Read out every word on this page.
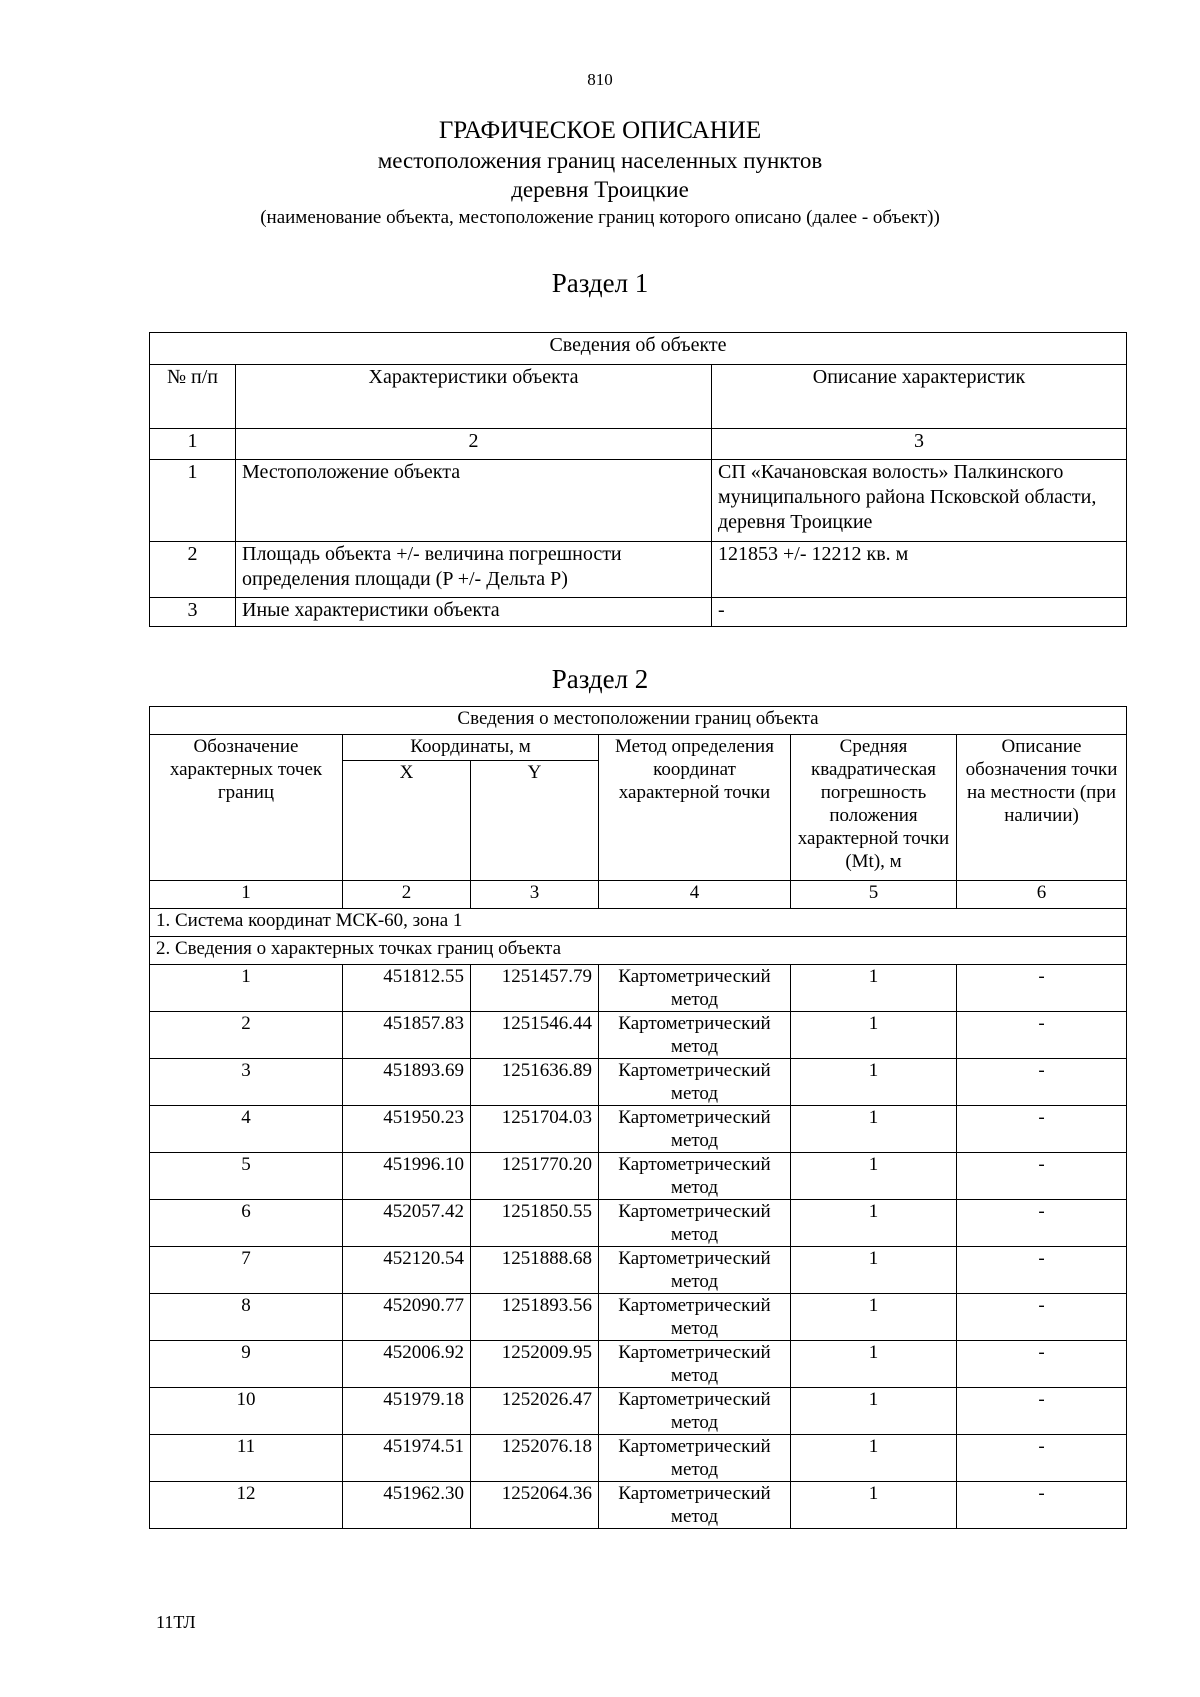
810
ГРАФИЧЕСКОЕ ОПИСАНИЕ
местоположения границ населенных пунктов
деревня Троицкие
(наименование объекта, местоположение границ которого описано (далее - объект))
Раздел 1
Сведения об объекте		
№ п/п	Характеристики объекта	Описание характеристик
1	2	3
1	Местоположение объекта	СП «Качановская волость» Палкинского муниципального района Псковской области, деревня Троицкие
2	Площадь объекта +/- величина погрешности определения площади (P +/- Дельта P)	121853 +/- 12212 кв. м
3	Иные характеристики объекта	-
Раздел 2
Сведения о местоположении границ объекта					
Обозначение характерных точек границ	Координаты, м		Метод определения координат характерной точки	Средняя квадратическая погрешность положения характерной точки (Mt), м	Описание обозначения точки на местности (при наличии)
	X	Y			
1	2	3	4	5	6
1. Система координат МСК-60, зона 1					
2. Сведения о характерных точках границ объекта					
1	451812.55	1251457.79	Картометрический метод	1	-
2	451857.83	1251546.44	Картометрический метод	1	-
3	451893.69	1251636.89	Картометрический метод	1	-
4	451950.23	1251704.03	Картометрический метод	1	-
5	451996.10	1251770.20	Картометрический метод	1	-
6	452057.42	1251850.55	Картометрический метод	1	-
7	452120.54	1251888.68	Картометрический метод	1	-
8	452090.77	1251893.56	Картометрический метод	1	-
9	452006.92	1252009.95	Картометрический метод	1	-
10	451979.18	1252026.47	Картометрический метод	1	-
11	451974.51	1252076.18	Картометрический метод	1	-
12	451962.30	1252064.36	Картометрический метод	1	-
11ТЛ
